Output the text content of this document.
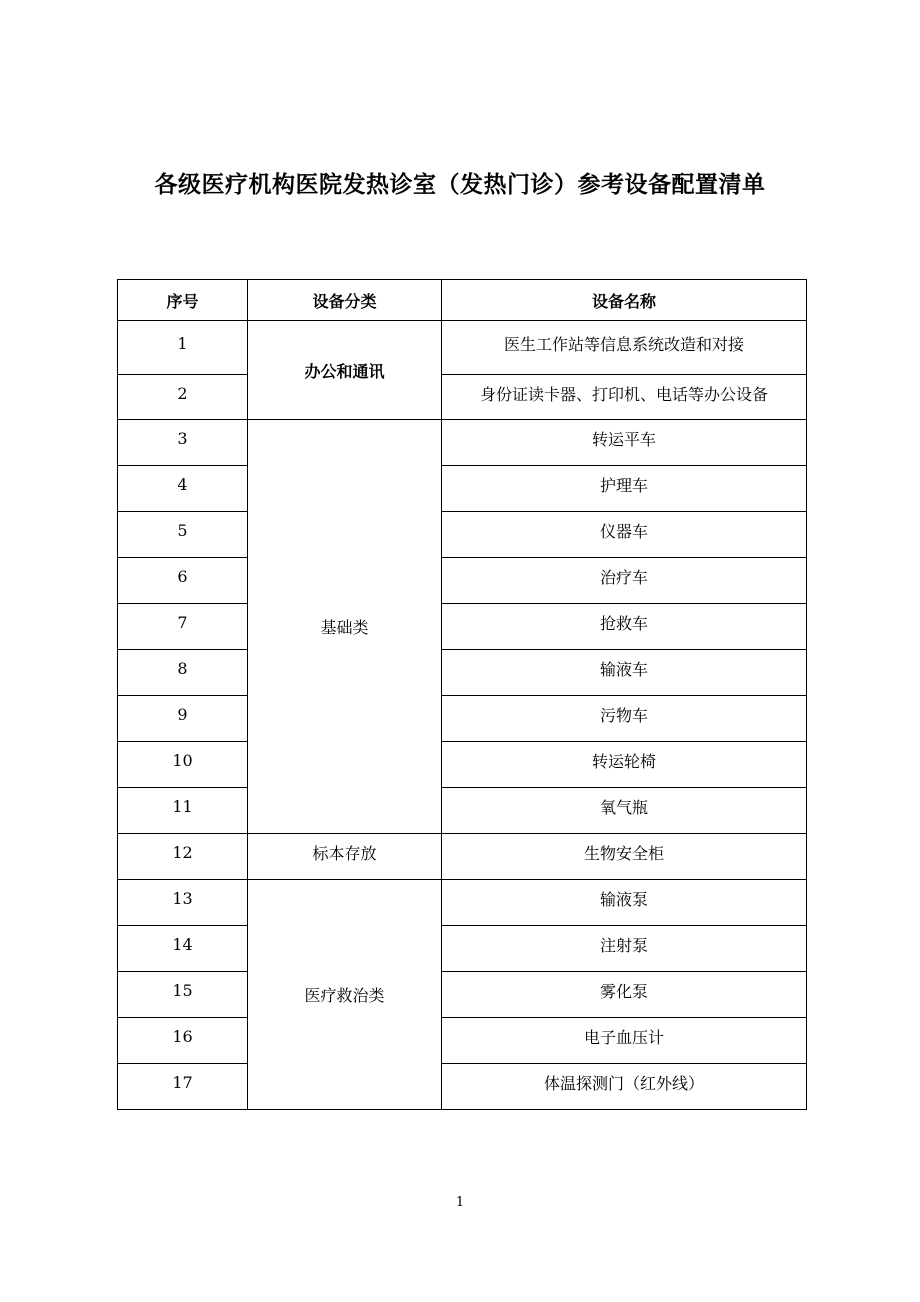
各级医疗机构医院发热诊室（发热门诊）参考设备配置清单
序号	设备分类	设备名称

1	办公和通讯	医生工作站等信息系统改造和对接

2		身份证读卡器、打印机、电话等办公设备

3	基础类	转运平车

4		护理车

5		仪器车

6		治疗车

7		抢救车

8		输液车

9		污物车

10		转运轮椅

11		氧气瓶

12	标本存放	生物安全柜

13	医疗救治类	输液泵

14		注射泵

15		雾化泵

16		电子血压计

17		体温探测门（红外线）
1
